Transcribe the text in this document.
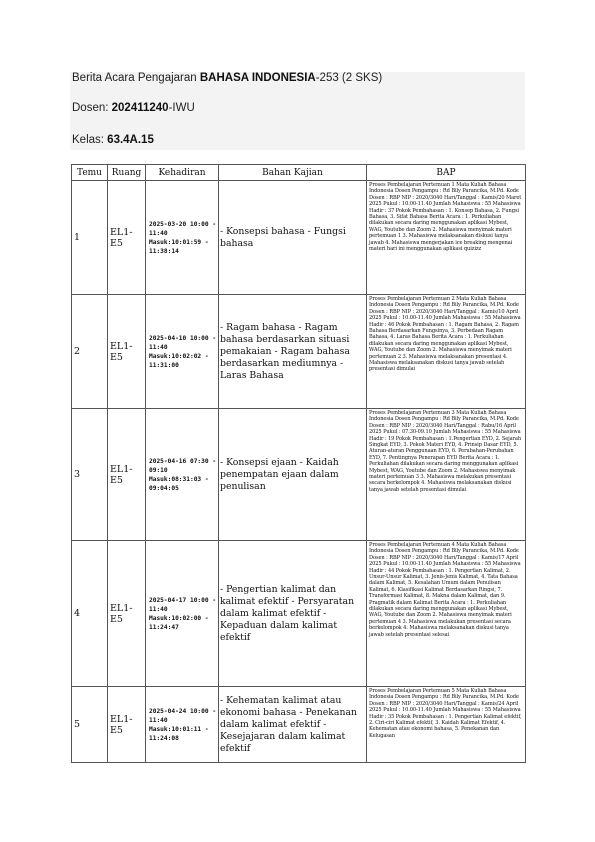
Berita Acara Pengajaran BAHASA INDONESIA-253 (2 SKS)
Dosen: 202411240-IWU
Kelas: 63.4A.15
Temu	Ruang	Kehadiran	Bahan Kajian	BAP
1	EL1-E5	2025-03-20 10:00 - 11:40
Masuk:10:01:59 - 11:38:14	- Konsepsi bahasa - Fungsi bahasa	Proses Pembelajaran Pertemuan 1 Mata Kuliah Bahasa Indonesia Dosen Pengampu : Rd Bily Parancika, M.Pd. Kode Dosen : RBP NIP : 2020/3040 Hari/Tanggal : Kamis/20 Maret 2025 Pukul : 10.00-11.40 Jumlah Mahasiswa : 55 Mahasiswa Hadir : 37 Pokok Pembahasan : 1. Konsep Bahasa, 2. Fungsi Bahasa, 3. Sifat Bahasa Berita Acara : 1. Perkuliahan dilakukan secara daring menggunakan aplikasi Mybest, WAG, Youtube dan Zoom 2. Mahasiswa menyimak materi pertemuan 1 3. Mahasiswa melaksanakan diskusi tanya jawab 4. Mahasiswa mengerjakan ice breaking mengenai materi hari ini menggunakan aplikasi quizizz
2	EL1-E5	2025-04-10 10:00 - 11:40
Masuk:10:02:02 - 11:31:00	- Ragam bahasa - Ragam bahasa berdasarkan situasi pemakaian - Ragam bahasa berdasarkan mediumnya - Laras Bahasa	Proses Pembelajaran Pertemuan 2 Mata Kuliah Bahasa Indonesia Dosen Pengampu : Rd Bily Parancika, M.Pd. Kode Dosen : RBP NIP : 2020/3040 Hari/Tanggal : Kamis/10 April 2025 Pukul : 10.00-11.40 Jumlah Mahasiswa : 55 Mahasiswa Hadir : 46 Pokok Pembahasan : 1. Ragam Bahasa, 2. Ragam Bahasa Berdasarkan Fungsinya, 3. Perbedaan Ragam Bahasa, 4. Laras Bahasa Berita Acara : 1. Perkuliahan dilakukan secara daring menggunakan aplikasi Mybest, WAG, Youtube dan Zoom 2. Mahasiswa menyimak materi pertemuan 2 3. Mahasiswa melaksanakan presentasi 4. Mahasiswa melaksanakan diskusi tanya jawab setelah presentasi dimulai
3	EL1-E5	2025-04-16 07:30 - 09:10
Masuk:08:31:03 - 09:04:05	- Konsepsi ejaan - Kaidah penempatan ejaan dalam penulisan	Proses Pembelajaran Pertemuan 3 Mata Kuliah Bahasa Indonesia Dosen Pengampu : Rd Bily Parancika, M.Pd. Kode Dosen : RBP NIP : 2020/3040 Hari/Tanggal : Rabu/16 April 2025 Pukul : 07.30-09.10 Jumlah Mahasiswa : 55 Mahasiswa Hadir : 19 Pokok Pembahasan : 1.Pengertian EYD, 2. Sejarah Singkat EYD, 3. Pokok Materi EYD, 4. Prinsip Dasar EYD, 5. Aturan-aturan Penggunaan EYD, 6. Perubahan-Perubahan EYD, 7. Pentingnya Penerapan EYD Berita Acara : 1. Perkuliahan dilakukan secara daring menggunakan aplikasi Mybest, WAG, Youtube dan Zoom 2. Mahasiswa menyimak materi pertemuan 3 3. Mahasiswa melakukan presentasi secara berkelompok 4. Mahasiswa melaksanakan diskusi tanya jawab setelah presentasi dimulai
4	EL1-E5	2025-04-17 10:00 - 11:40
Masuk:10:02:00 - 11:24:47	- Pengertian kalimat dan kalimat efektif - Persyaratan dalam kalimat efektif - Kepaduan dalam kalimat efektif	Proses Pembelajaran Pertemuan 4 Mata Kuliah Bahasa Indonesia Dosen Pengampu : Rd Bily Parancika, M.Pd. Kode Dosen : RBP NIP : 2020/3040 Hari/Tanggal : Kamis/17 April 2025 Pukul : 10.00-11.40 Jumlah Mahasiswa : 55 Mahasiswa Hadir : 44 Pokok Pembahasan : 1. Pengertian Kalimat, 2. Unsur-Unsur Kalimat, 3. Jenis-Jenis Kalimat, 4. Tata Bahasa dalam Kalimat, 5. Kesalahan Umum dalam Penulisan Kalimat, 6. Klasifikasi Kalimat Berdasarkan Ringsi, 7. Transformasi Kalimat, 8. Makna dalam Kalimat, dan 9. Pragmatik dalam Kalimat Berita Acara : 1. Perkuliahan dilakukan secara daring menggunakan aplikasi Mybest, WAG, Youtube dan Zoom 2. Mahasiswa menyimak materi pertemuan 4 3. Mahasiswa melakukan presentasi secara berkelompok 4. Mahasiswa melaksanakan diskusi tanya jawab setelah presentasi selesai
5	EL1-E5	2025-04-24 10:00 - 11:40
Masuk:10:01:11 - 11:24:08	- Kehematan kalimat atau ekonomi bahasa - Penekanan dalam kalimat efektif - Kesejajaran dalam kalimat efektif	Proses Pembelajaran Pertemuan 5 Mata Kuliah Bahasa Indonesia Dosen Pengampu : Rd Bily Parancika, M.Pd. Kode Dosen : RBP NIP : 2020/3040 Hari/Tanggal : Kamis/24 April 2025 Pukul : 10.00-11.40 Jumlah Mahasiswa : 55 Mahasiswa Hadir : 35 Pokok Pembahasan : 1. Pengertian Kalimat efektif, 2. Ciri-ciri Kalimat efektif, 3. Kaidah Kalimat Efektif, 4. Kehematan atau ekonomi bahasa, 5. Penekanan dan Kelugasan
